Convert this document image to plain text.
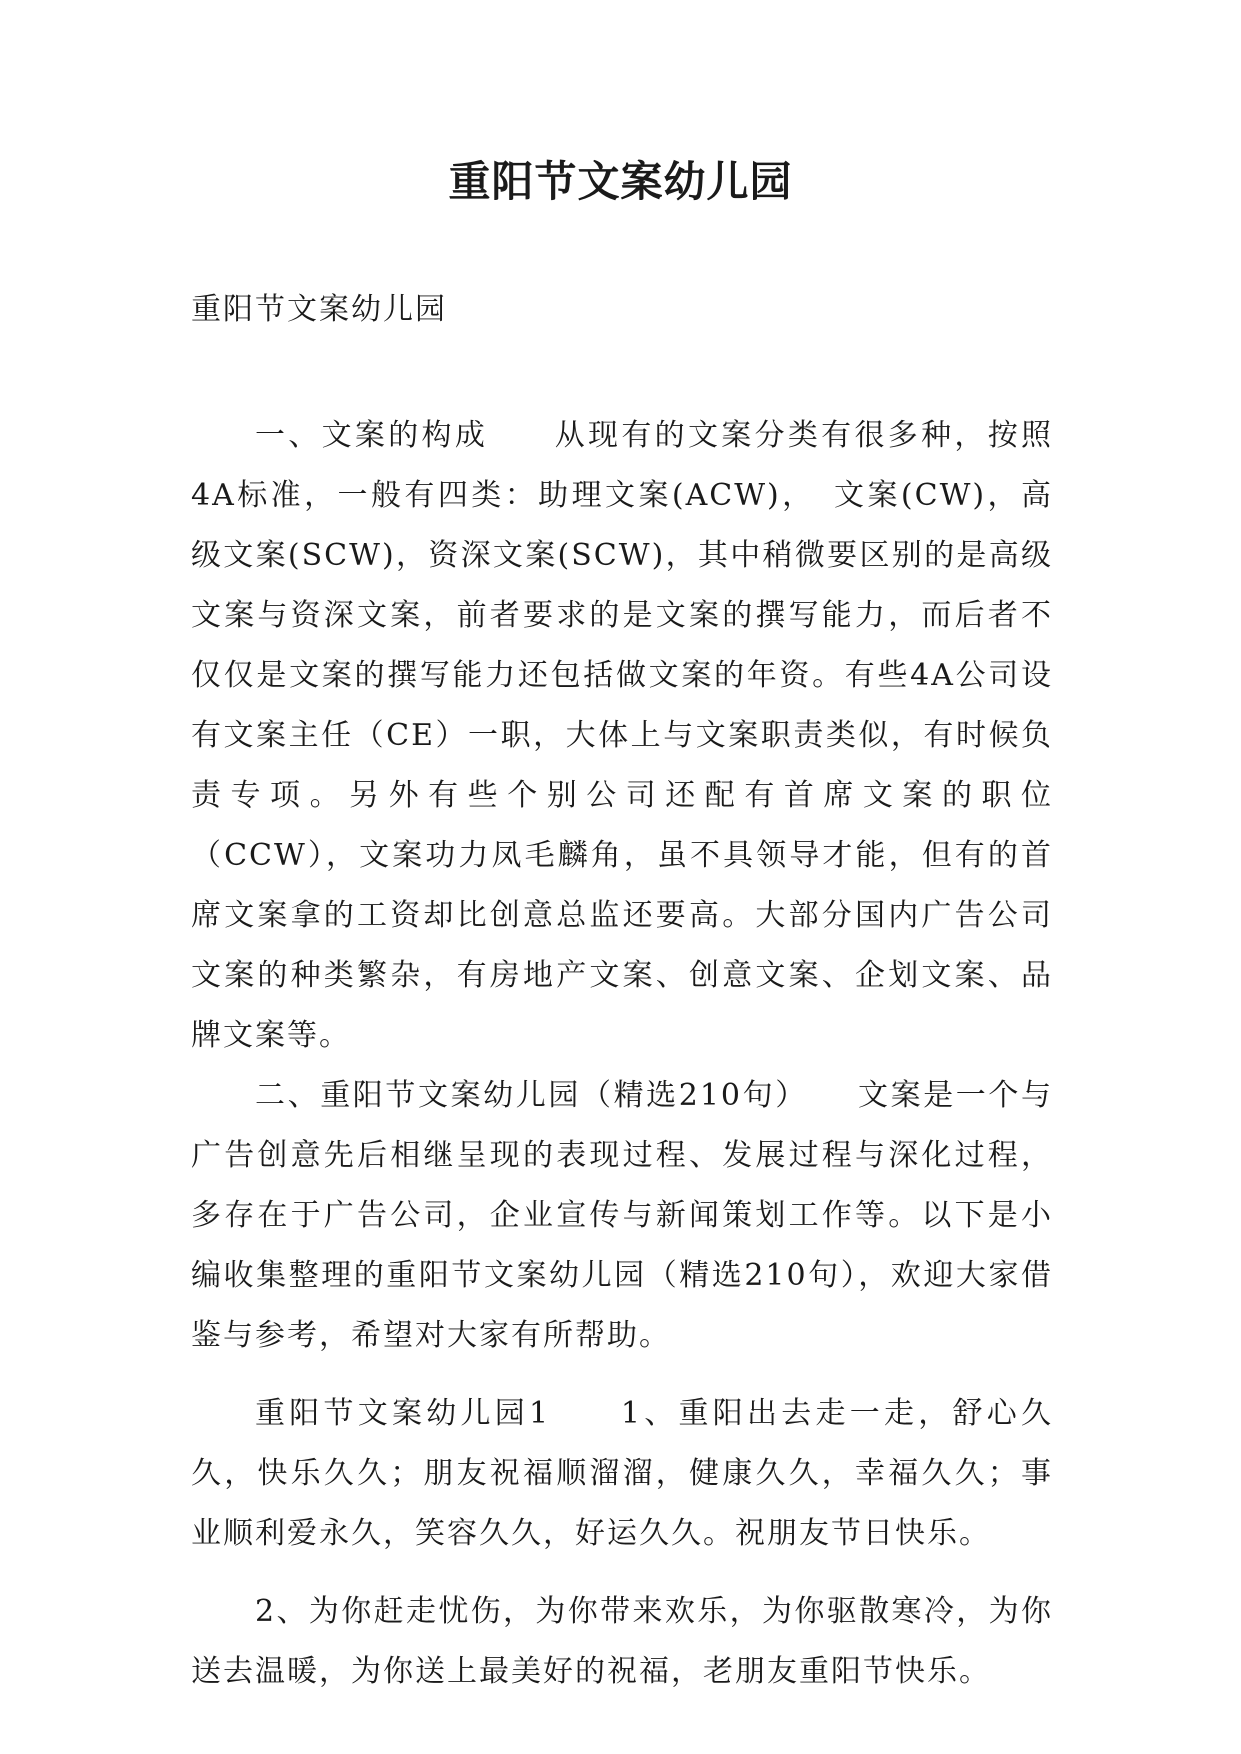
重阳节文案幼儿园
重阳节文案幼儿园

一、文案的构成　　从现有的文案分类有很多种，按照4A标准，一般有四类：助理文案(ACW)，　文案(CW)，高级文案(SCW)，资深文案(SCW)，其中稍微要区别的是高级文案与资深文案，前者要求的是文案的撰写能力，而后者不仅仅是文案的撰写能力还包括做文案的年资。有些4A公司设有文案主任（CE）一职，大体上与文案职责类似，有时候负责专项。另外有些个别公司还配有首席文案的职位（CCW），文案功力凤毛麟角，虽不具领导才能，但有的首席文案拿的工资却比创意总监还要高。大部分国内广告公司文案的种类繁杂，有房地产文案、创意文案、企划文案、品牌文案等。

二、重阳节文案幼儿园（精选210句）　　文案是一个与广告创意先后相继呈现的表现过程、发展过程与深化过程，多存在于广告公司，企业宣传与新闻策划工作等。以下是小编收集整理的重阳节文案幼儿园（精选210句），欢迎大家借鉴与参考，希望对大家有所帮助。

重阳节文案幼儿园1　　1、重阳出去走一走，舒心久久，快乐久久；朋友祝福顺溜溜，健康久久，幸福久久；事业顺利爱永久，笑容久久，好运久久。祝朋友节日快乐。

2、为你赶走忧伤，为你带来欢乐，为你驱散寒冷，为你送去温暖，为你送上最美好的祝福，老朋友重阳节快乐。
